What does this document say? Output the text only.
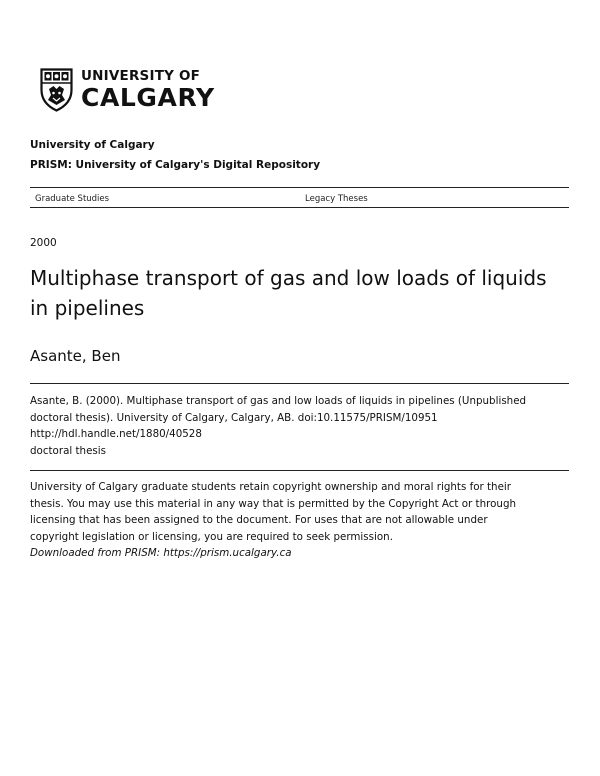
UNIVERSITY OF
CALGARY
University of Calgary
PRISM: University of Calgary's Digital Repository
Graduate Studies	Legacy Theses
2000
Multiphase transport of gas and low loads of liquids in pipelines
Asante, Ben
Asante, B. (2000). Multiphase transport of gas and low loads of liquids in pipelines (Unpublished
doctoral thesis). University of Calgary, Calgary, AB. doi:10.11575/PRISM/10951
http://hdl.handle.net/1880/40528
doctoral thesis
University of Calgary graduate students retain copyright ownership and moral rights for their
thesis. You may use this material in any way that is permitted by the Copyright Act or through
licensing that has been assigned to the document. For uses that are not allowable under
copyright legislation or licensing, you are required to seek permission.
Downloaded from PRISM: https://prism.ucalgary.ca
